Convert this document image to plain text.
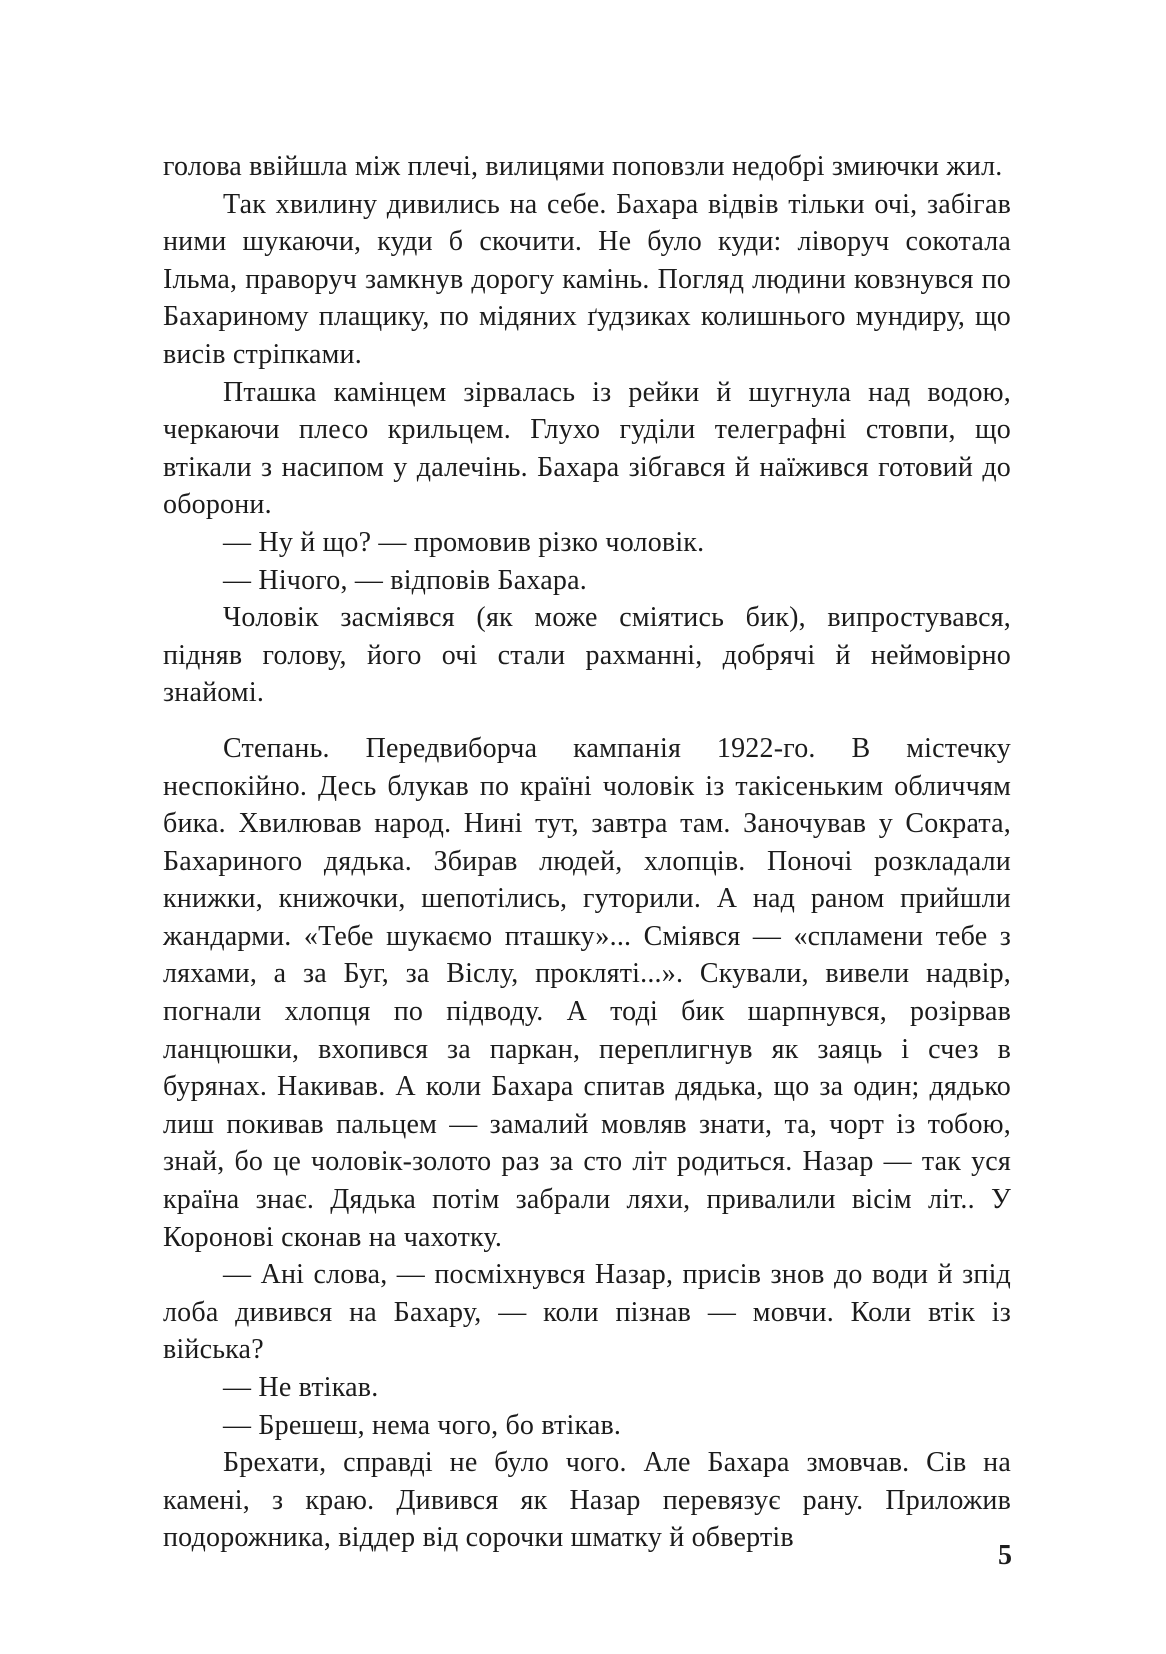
голова ввійшла між плечі, вилицями поповзли недобрі змиючки жил.

Так хвилину дивились на себе. Бахара відвів тільки очі, забігав ними шукаючи, куди б скочити. Не було куди: ліворуч сокотала Ільма, праворуч замкнув дорогу камінь. Погляд людини ковзнувся по Бахариному плащику, по мідяних ґудзиках колишнього мундиру, що висів стріпками.

Пташка камінцем зірвалась із рейки й шугнула над водою, черкаючи плесо крильцем. Глухо гуділи телеграфні стовпи, що втікали з насипом у далечінь. Бахара зібгався й наїжився готовий до оборони.

— Ну й що? — промовив різко чоловік.

— Нічого, — відповів Бахара.

Чоловік засміявся (як може сміятись бик), випростувався, підняв голову, його очі стали рахманні, добрячі й неймовірно знайомі.

Степань. Передвиборча кампанія 1922-го. В містечку неспокійно. Десь блукав по країні чоловік із такісеньким обличчям бика. Хвилював народ. Нині тут, завтра там. Заночував у Сократа, Бахариного дядька. Збирав людей, хлопців. Поночі розкладали книжки, книжочки, шепотілись, гуторили. А над раном прийшли жандарми. «Тебе шукаємо пташку»... Сміявся — «спламени тебе з ляхами, а за Буг, за Віслу, проклятi...». Скували, вивели надвір, погнали хлопця по підводу. А тоді бик шарпнувся, розірвав ланцюшки, вхопився за паркан, переплигнув як заяць і счез в бурянах. Накивав. А коли Бахара спитав дядька, що за один; дядько лиш покивав пальцем — замалий мовляв знати, та, чорт із тобою, знай, бо це чоловік-золото раз за сто літ родиться. Назар — так уся країна знає. Дядька потім забрали ляхи, привалили вісім літ.. У Коронові сконав на чахотку.

— Ані слова, — посміхнувся Назар, присів знов до води й зпід лоба дивився на Бахару, — коли пізнав — мовчи. Коли втік із війська?

— Не втікав.

— Брешеш, нема чого, бо втікав.

Брехати, справді не було чого. Але Бахара змовчав. Сів на камені, з краю. Дивився як Назар перевязує рану. Приложив подорожника, віддер від сорочки шматку й обвертів

5
